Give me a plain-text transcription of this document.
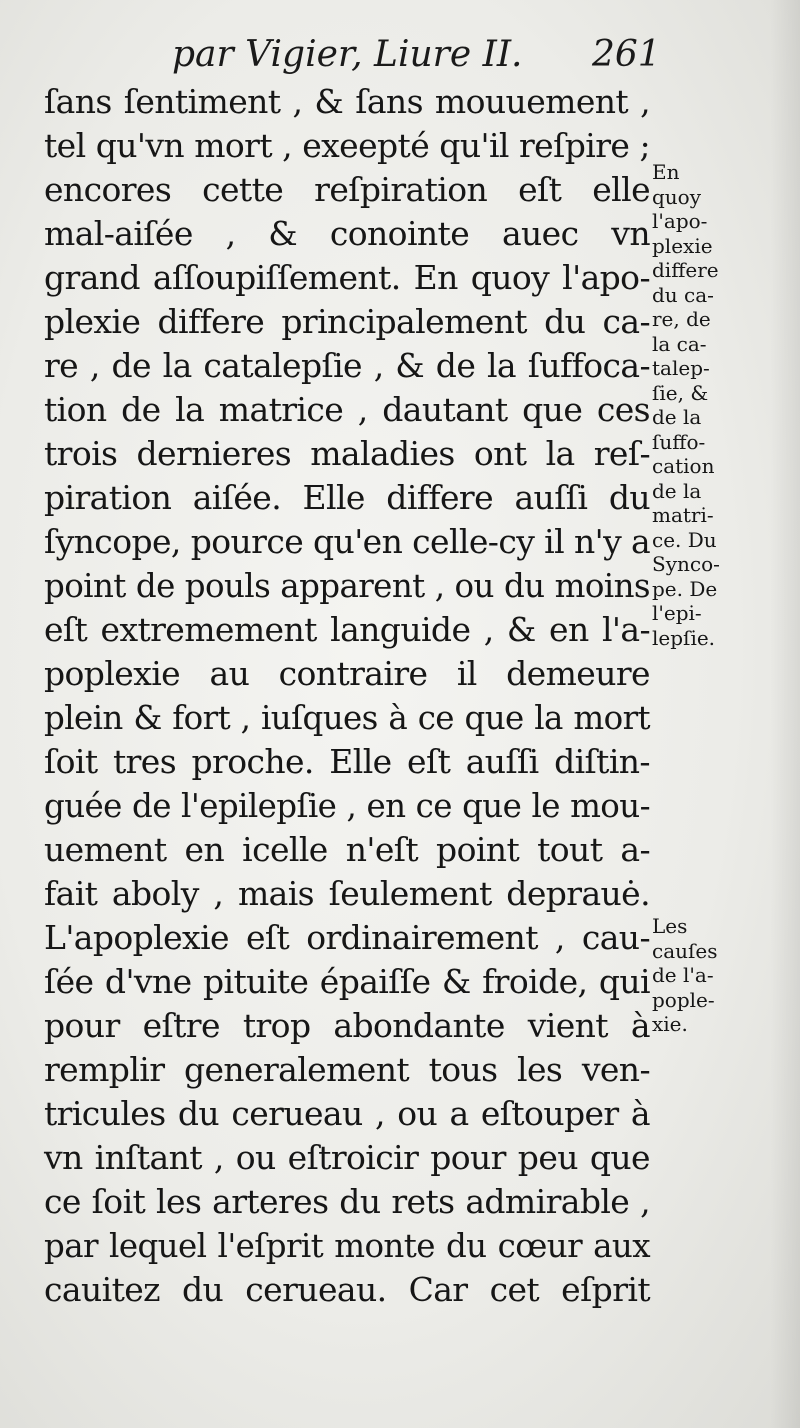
par Vigier, Liure II. 261
ſans ſentiment , & ſans mouuement ,
tel qu'vn mort , exeepté qu'il reſpire ;
encores cette reſpiration eſt elle
mal-aiſée , & conointe auec vn
grand aſſoupiſſement. En quoy l'apo-
plexie differe principalement du ca-
re , de la catalepſie , & de la ſuffoca-
tion de la matrice , dautant que ces
trois dernieres maladies ont la reſ-
piration aiſée. Elle differe auſſi du
ſyncope, pource qu'en celle-cy il n'y a
point de pouls apparent , ou du moins
eſt extremement languide , & en l'a-
poplexie au contraire il demeure
plein & fort , iuſques à ce que la mort
ſoit tres proche. Elle eſt auſſi diſtin-
guée de l'epilepſie , en ce que le mou-
uement en icelle n'eſt point tout a-
fait aboly , mais ſeulement deprauė.
L'apoplexie eſt ordinairement , cau-
ſée d'vne pituite épaiſſe & froide, qui
pour eſtre trop abondante vient à
remplir generalement tous les ven-
tricules du cerueau , ou a eſtouper à
vn inſtant , ou eſtroicir pour peu que
ce ſoit les arteres du rets admirable ,
par lequel l'eſprit monte du cœur aux
cauitez du cerueau. Car cet eſprit
En
quoy
l'apo-
plexie
differe
du ca-
re, de
la ca-
talep-
ſie, &
de la
ſuffo-
cation
de la
matri-
ce. Du
Synco-
pe. De
l'epi-
lepſie.
Les
cauſes
de l'a-
pople-
xie.
